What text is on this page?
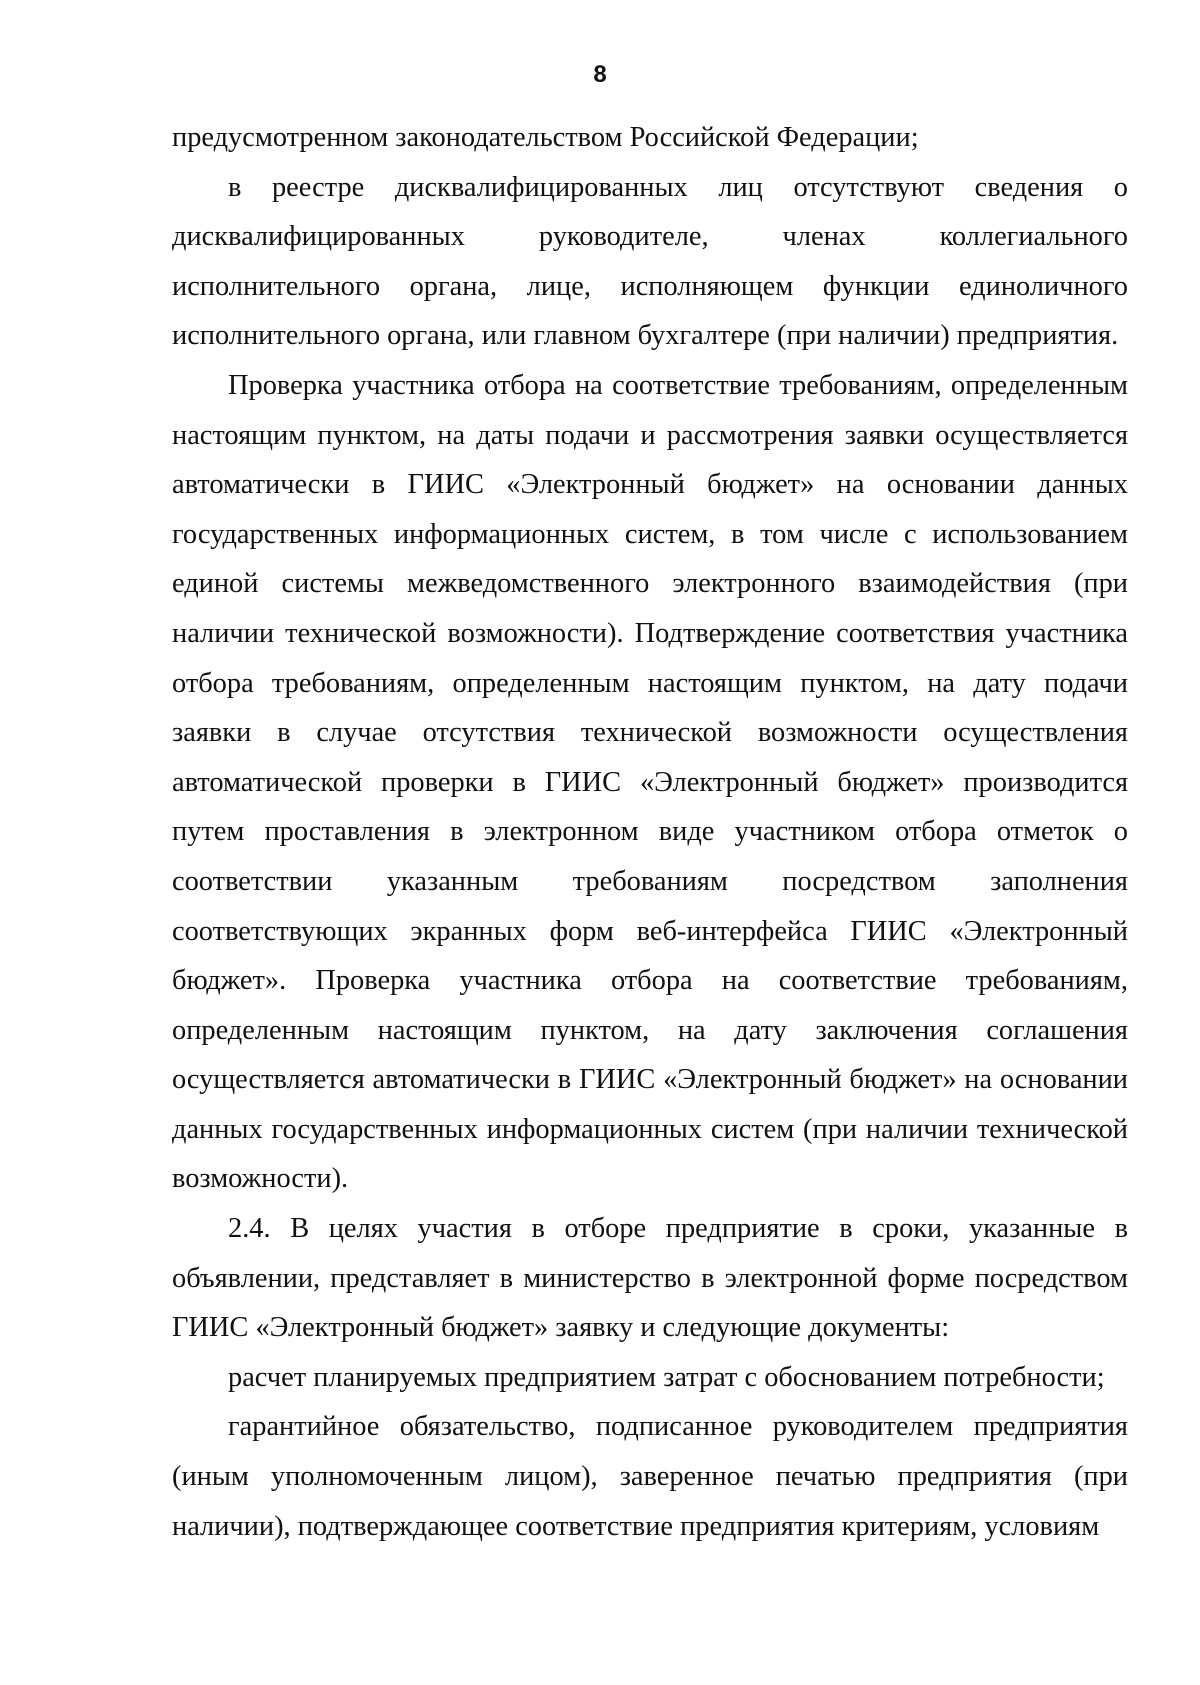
8

предусмотренном законодательством Российской Федерации;

в реестре дисквалифицированных лиц отсутствуют сведения о дисквалифицированных руководителе, членах коллегиального исполнительного органа, лице, исполняющем функции единоличного исполнительного органа, или главном бухгалтере (при наличии) предприятия.

Проверка участника отбора на соответствие требованиям, определенным настоящим пунктом, на даты подачи и рассмотрения заявки осуществляется автоматически в ГИИС «Электронный бюджет» на основании данных государственных информационных систем, в том числе с использованием единой системы межведомственного электронного взаимодействия (при наличии технической возможности). Подтверждение соответствия участника отбора требованиям, определенным настоящим пунктом, на дату подачи заявки в случае отсутствия технической возможности осуществления автоматической проверки в ГИИС «Электронный бюджет» производится путем проставления в электронном виде участником отбора отметок о соответствии указанным требованиям посредством заполнения соответствующих экранных форм веб-интерфейса ГИИС «Электронный бюджет». Проверка участника отбора на соответствие требованиям, определенным настоящим пунктом, на дату заключения соглашения осуществляется автоматически в ГИИС «Электронный бюджет» на основании данных государственных информационных систем (при наличии технической возможности).

2.4. В целях участия в отборе предприятие в сроки, указанные в объявлении, представляет в министерство в электронной форме посредством ГИИС «Электронный бюджет» заявку и следующие документы:

расчет планируемых предприятием затрат с обоснованием потребности;

гарантийное обязательство, подписанное руководителем предприятия (иным уполномоченным лицом), заверенное печатью предприятия (при наличии), подтверждающее соответствие предприятия критериям, условиям
